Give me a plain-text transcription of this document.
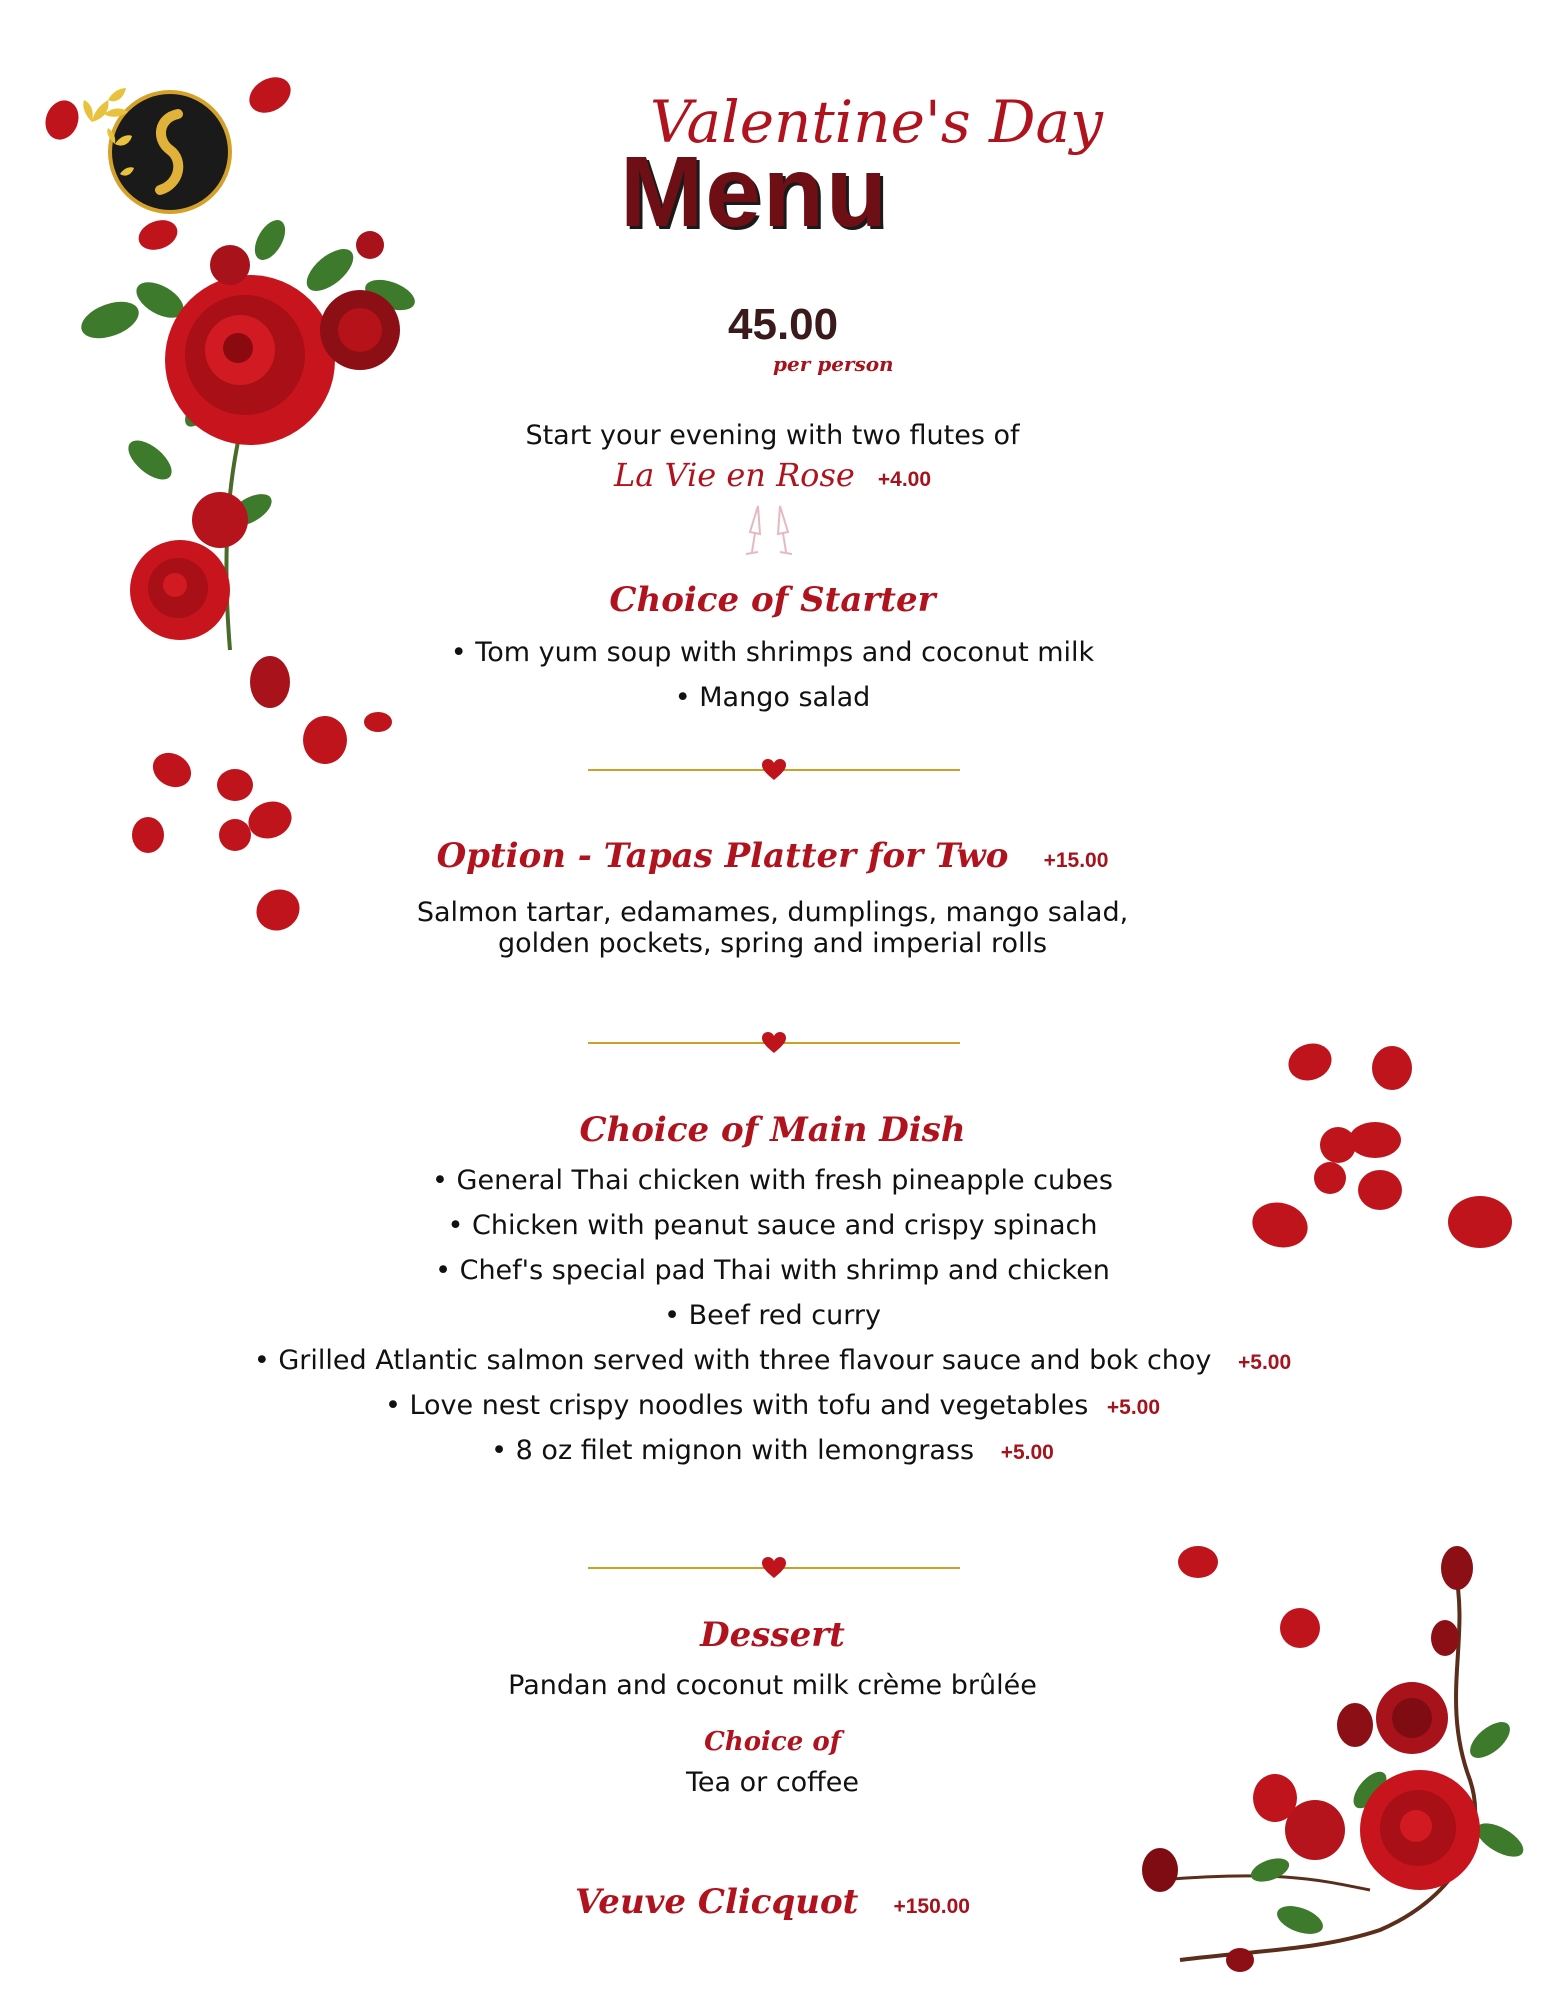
Valentine's Day
Menu
45.00
per person
Start your evening with two flutes of
La Vie en Rose +4.00
Choice of Starter
• Tom yum soup with shrimps and coconut milk
• Mango salad
Option - Tapas Platter for Two +15.00
Salmon tartar, edamames, dumplings, mango salad,
golden pockets, spring and imperial rolls
Choice of Main Dish
• General Thai chicken with fresh pineapple cubes
• Chicken with peanut sauce and crispy spinach
• Chef's special pad Thai with shrimp and chicken
• Beef red curry
• Grilled Atlantic salmon served with three flavour sauce and bok choy +5.00
• Love nest crispy noodles with tofu and vegetables +5.00
• 8 oz filet mignon with lemongrass +5.00
Dessert
Pandan and coconut milk crème brûlée
Choice of
Tea or coffee
Veuve Clicquot +150.00
